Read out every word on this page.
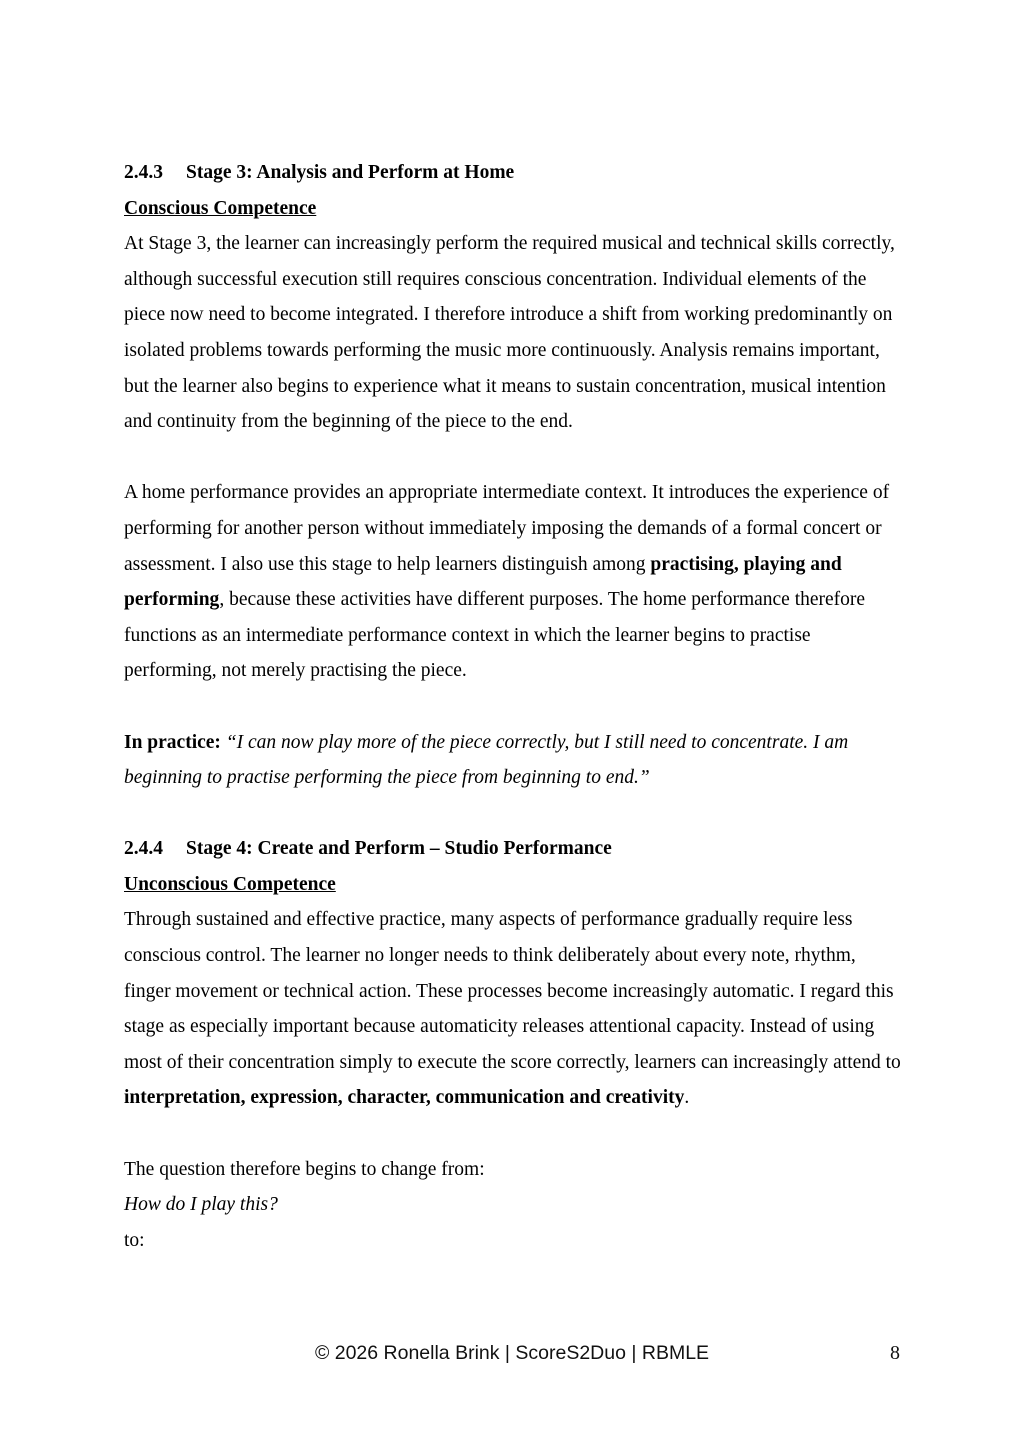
2.4.3 Stage 3: Analysis and Perform at Home

Conscious Competence

At Stage 3, the learner can increasingly perform the required musical and technical skills correctly, although successful execution still requires conscious concentration. Individual elements of the piece now need to become integrated. I therefore introduce a shift from working predominantly on isolated problems towards performing the music more continuously. Analysis remains important, but the learner also begins to experience what it means to sustain concentration, musical intention and continuity from the beginning of the piece to the end.

A home performance provides an appropriate intermediate context. It introduces the experience of performing for another person without immediately imposing the demands of a formal concert or assessment. I also use this stage to help learners distinguish among practising, playing and performing, because these activities have different purposes. The home performance therefore functions as an intermediate performance context in which the learner begins to practise performing, not merely practising the piece.

In practice: “I can now play more of the piece correctly, but I still need to concentrate. I am beginning to practise performing the piece from beginning to end.”

2.4.4 Stage 4: Create and Perform – Studio Performance

Unconscious Competence

Through sustained and effective practice, many aspects of performance gradually require less conscious control. The learner no longer needs to think deliberately about every note, rhythm, finger movement or technical action. These processes become increasingly automatic. I regard this stage as especially important because automaticity releases attentional capacity. Instead of using most of their concentration simply to execute the score correctly, learners can increasingly attend to interpretation, expression, character, communication and creativity.

The question therefore begins to change from:

How do I play this?

to:

© 2026 Ronella Brink | ScoreS2Duo | RBMLE	8
